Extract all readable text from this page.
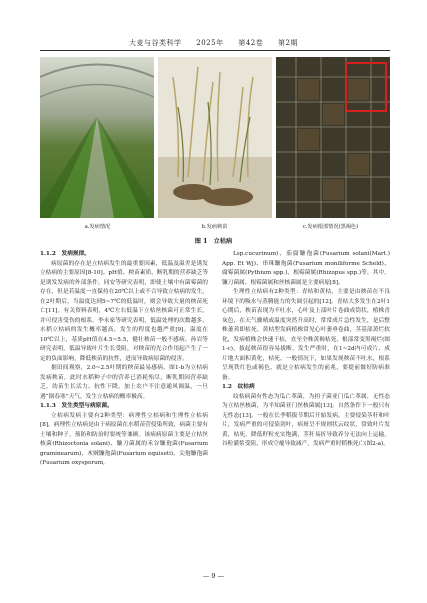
大麦与谷类科学 2025年 第42卷 第2期
a.发病情况	b.发病秧苗	c.发病根部情况(黑褐色)
图 1　立枯病

1.1.2　发病规律。

病原菌的存在是立枯病发生的最重要因素，低温及温差是诱发立枯病的主要原因[8-10]。pH值、秧苗素质、断乳期的营养缺乏等是诱发发病的外部条件。同安等研究表明，即使土壤中有菌霉菌的存在，但是若温度一直保持在20℃以上或不合导致立枯病的发生，在2叶期后，当温度达到5~7℃的低温时，则会导致大量的秧苗死亡[11]。有关资料表明，4℃左右低温下立枯丝核菌可正常生长，并可侵害受伤的根系。李永家等研究表明，低温处理的次数越多，水稻立枯病的发生概率越高，发生的程度也越严重[9]。温度在10℃以上，基质pH值在4.5~5.5，健壮秧苗一般不感病。孙岩等研究表明，低温导致叶片生长受阻，对秧苗的光合作用起产生了一定的负面影响，降低秧苗的抗性，进而导致病原菌的侵害。

据田间观察，2.0~2.5叶期的秧苗最易感病，图1-b为立枯病发病秧苗。此时水稻种子中的营养已消耗殆尽，断乳期因营养缺乏，幼苗生长活力、抗性下降，加上农户不注意通风调温，一旦遇“倒春寒”天气，发生立枯病的概率极高。

1.1.3　发生类型与病原菌。

立枯病发病主要有2种类型：病理性立枯病和生理性立枯病[8]。病理性立枯病是由于病原菌在水稻苗营侵染所致，病菌主要有土壤和种子，预防和防治时要统等兼顾。该病病原菌主要是立枯丝核菌(Rhizoctonia solani)、镰刀菌属的禾谷镰孢菌(Fusarium graminearum)、木贼镰孢菌(Fusarium equiseti)、尖孢镰孢菌(Fusarium oxysporum,

Lsp.cucurinum)、茄腐镰孢菌(Fusarium solani(Mart.) App. Et Wj)、串珠镰孢菌(Fusarium moniliforme Scheld)、腐霉菌属(Pythium spp.)、根霉菌属(Rhizopus spp.)等，其中，镰刀菌属、根霉菌属和丝核菌属是主要病原[8]。

生理性立枯病有2种类型：青枯和黄枯，主要是由秧苗在不良环境下的吸水与蒸腾能力的失调引起的[12]。青枯大多发生在2叶1心期后，秧苗表现为不吐水，心叶及上部叶片卷曲成筒状，植株青灰色，在天气骤晴或温度突然升高时，常常成片急性发生，是后整株萎蔫即枯死。黄枯型发病植株常见心叶萎垂卷曲，茎基部黄烂软化，发病植株会快速干枯，直至全株黄褐枯死，根部常变黑褐烂(图1-c)，拔起秧苗很容易拔断。发生严重时，在1~2d内可成片、成片地大面积黄化，枯死。一般情况下，如果发现秧苗不吐水，根系呈现铁红色或褐色，就是立枯病发生的前兆，要提前做好防病准备。

1.2　纹枯病

纹枯病菌有性态为瓜亡革菌，为担子菌亚门瓜亡革属，无性态为立枯丝核菌，为半知菌亚门丝核菌属[13]。自然条件下一般只有无性态[13]。一般在长季稻拔节期后开始发病，主要侵染茎秆和叶片，发病严重的可侵染剑叶，病斑呈不规则状云纹状，常致叶片发黄，枯死，降低籽粒充实饱满，茎秆易折导致养分无法向上运输，谷粒灌浆受阻，形成空瘪导致减产，发病严重时稻株死亡(图2-a)。

— 9 —
